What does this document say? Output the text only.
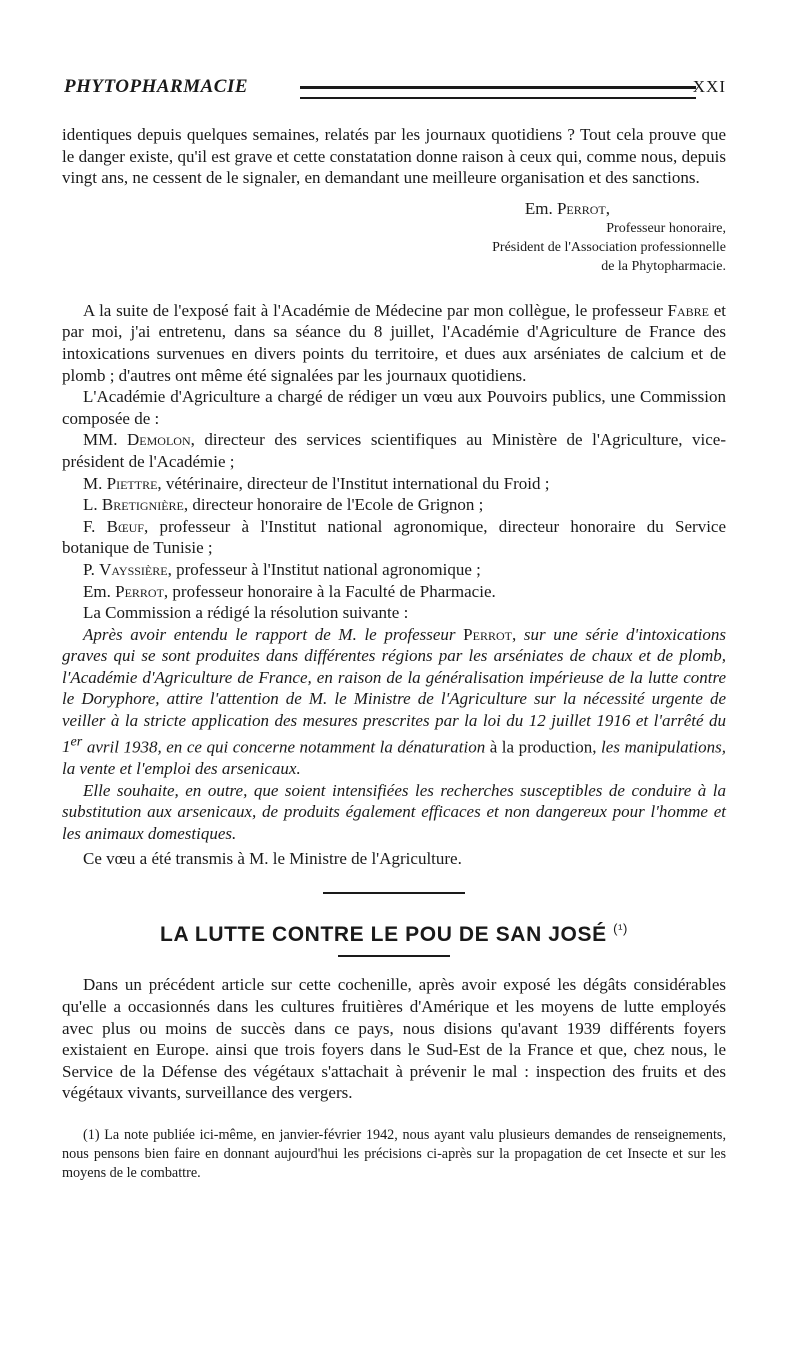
PHYTOPHARMACIE	XXI

identiques depuis quelques semaines, relatés par les journaux quotidiens ? Tout cela prouve que le danger existe, qu'il est grave et cette constatation donne raison à ceux qui, comme nous, depuis vingt ans, ne cessent de le signaler, en demandant une meilleure organisation et des sanctions.

Em. Perrot,
Professeur honoraire,
Président de l'Association professionnelle
de la Phytopharmacie.

A la suite de l'exposé fait à l'Académie de Médecine par mon collègue, le professeur Fabre et par moi, j'ai entretenu, dans sa séance du 8 juillet, l'Académie d'Agriculture de France des intoxications survenues en divers points du territoire, et dues aux arséniates de calcium et de plomb ; d'autres ont même été signalées par les journaux quotidiens.

L'Académie d'Agriculture a chargé de rédiger un vœu aux Pouvoirs publics, une Commission composée de :

MM. Demolon, directeur des services scientifiques au Ministère de l'Agriculture, vice-président de l'Académie ;

M. Piettre, vétérinaire, directeur de l'Institut international du Froid ;

L. Bretignière, directeur honoraire de l'Ecole de Grignon ;

F. Bœuf, professeur à l'Institut national agronomique, directeur honoraire du Service botanique de Tunisie ;

P. Vayssière, professeur à l'Institut national agronomique ;

Em. Perrot, professeur honoraire à la Faculté de Pharmacie.

La Commission a rédigé la résolution suivante :

Après avoir entendu le rapport de M. le professeur Perrot, sur une série d'intoxications graves qui se sont produites dans différentes régions par les arséniates de chaux et de plomb, l'Académie d'Agriculture de France, en raison de la généralisation impérieuse de la lutte contre le Doryphore, attire l'attention de M. le Ministre de l'Agriculture sur la nécessité urgente de veiller à la stricte application des mesures prescrites par la loi du 12 juillet 1916 et l'arrêté du 1er avril 1938, en ce qui concerne notamment la dénaturation à la production, les manipulations, la vente et l'emploi des arsenicaux.

Elle souhaite, en outre, que soient intensifiées les recherches susceptibles de conduire à la substitution aux arsenicaux, de produits également efficaces et non dangereux pour l'homme et les animaux domestiques.

Ce vœu a été transmis à M. le Ministre de l'Agriculture.

LA LUTTE CONTRE LE POU DE SAN JOSÉ $^{(^1)}$

Dans un précédent article sur cette cochenille, après avoir exposé les dégâts considérables qu'elle a occasionnés dans les cultures fruitières d'Amérique et les moyens de lutte employés avec plus ou moins de succès dans ce pays, nous disions qu'avant 1939 différents foyers existaient en Europe. ainsi que trois foyers dans le Sud-Est de la France et que, chez nous, le Service de la Défense des végétaux s'attachait à prévenir le mal : inspection des fruits et des végétaux vivants, surveillance des vergers.

(1) La note publiée ici-même, en janvier-février 1942, nous ayant valu plusieurs demandes de renseignements, nous pensons bien faire en donnant aujourd'hui les précisions ci-après sur la propagation de cet Insecte et sur les moyens de le combattre.
